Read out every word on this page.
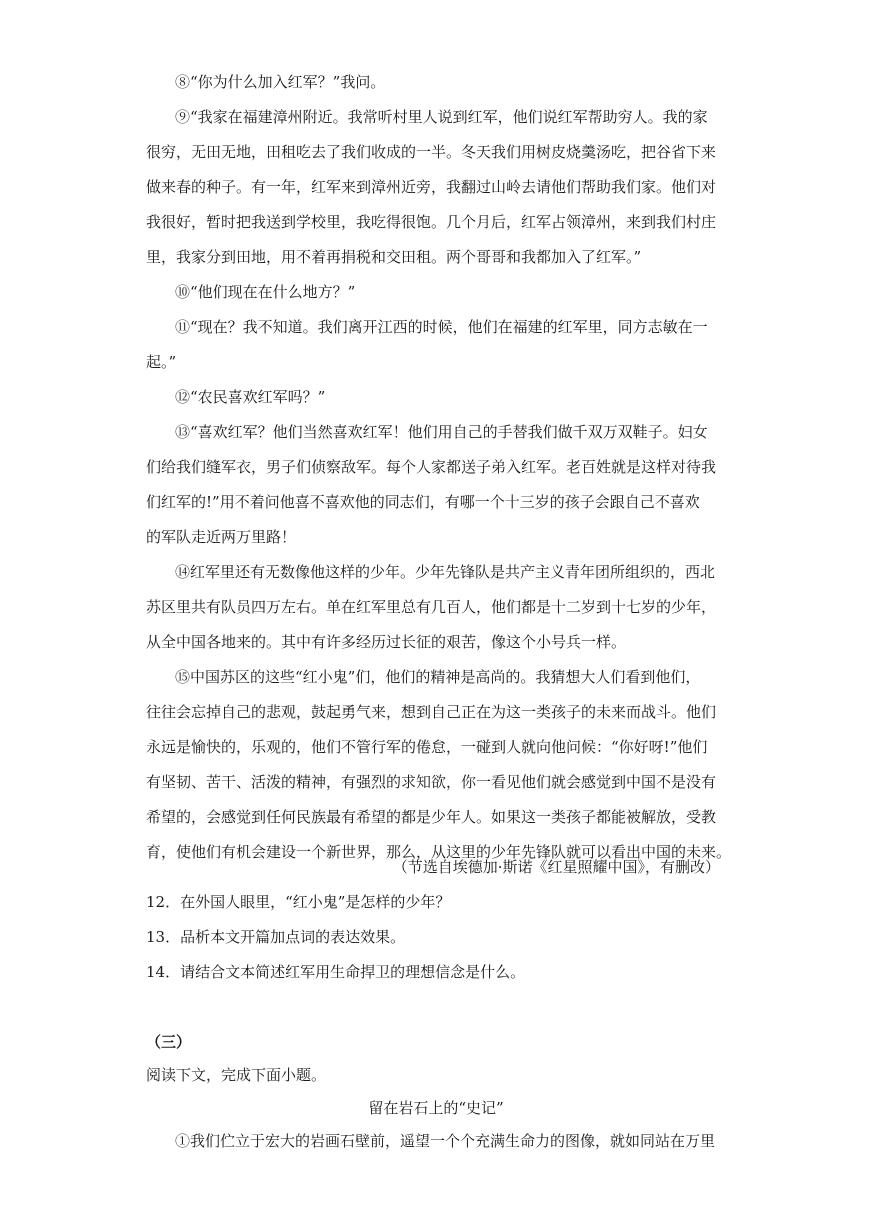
⑧“你为什么加入红军？”我问。
⑨“我家在福建漳州附近。我常听村里人说到红军，他们说红军帮助穷人。我的家
很穷，无田无地，田租吃去了我们收成的一半。冬天我们用树皮烧羹汤吃，把谷省下来
做来春的种子。有一年，红军来到漳州近旁，我翻过山岭去请他们帮助我们家。他们对
我很好，暂时把我送到学校里，我吃得很饱。几个月后，红军占领漳州，来到我们村庄
里，我家分到田地，用不着再捐税和交田租。两个哥哥和我都加入了红军。”
⑩“他们现在在什么地方？”
⑪“现在？我不知道。我们离开江西的时候，他们在福建的红军里，同方志敏在一
起。”
⑫“农民喜欢红军吗？”
⑬“喜欢红军？他们当然喜欢红军！他们用自己的手替我们做千双万双鞋子。妇女
们给我们缝军衣，男子们侦察敌军。每个人家都送子弟入红军。老百姓就是这样对待我
们红军的!”用不着问他喜不喜欢他的同志们，有哪一个十三岁的孩子会跟自己不喜欢
的军队走近两万里路！
⑭红军里还有无数像他这样的少年。少年先锋队是共产主义青年团所组织的，西北
苏区里共有队员四万左右。单在红军里总有几百人，他们都是十二岁到十七岁的少年，
从全中国各地来的。其中有许多经历过长征的艰苦，像这个小号兵一样。
⑮中国苏区的这些“红小鬼”们，他们的精神是高尚的。我猜想大人们看到他们，
往往会忘掉自己的悲观，鼓起勇气来，想到自己正在为这一类孩子的未来而战斗。他们
永远是愉快的，乐观的，他们不管行军的倦怠，一碰到人就向他问候：“你好呀!”他们
有坚韧、苦干、活泼的精神，有强烈的求知欲，你一看见他们就会感觉到中国不是没有
希望的，会感觉到任何民族最有希望的都是少年人。如果这一类孩子都能被解放，受教
育，使他们有机会建设一个新世界，那么，从这里的少年先锋队就可以看出中国的未来。
（节选自埃德加·斯诺《红星照耀中国》，有删改）
12．在外国人眼里，“红小鬼”是怎样的少年？
13．品析本文开篇加点词的表达效果。
14．请结合文本简述红军用生命捍卫的理想信念是什么。
（三）
阅读下文，完成下面小题。
留在岩石上的“史记”
①我们伫立于宏大的岩画石壁前，遥望一个个充满生命力的图像，就如同站在万里
